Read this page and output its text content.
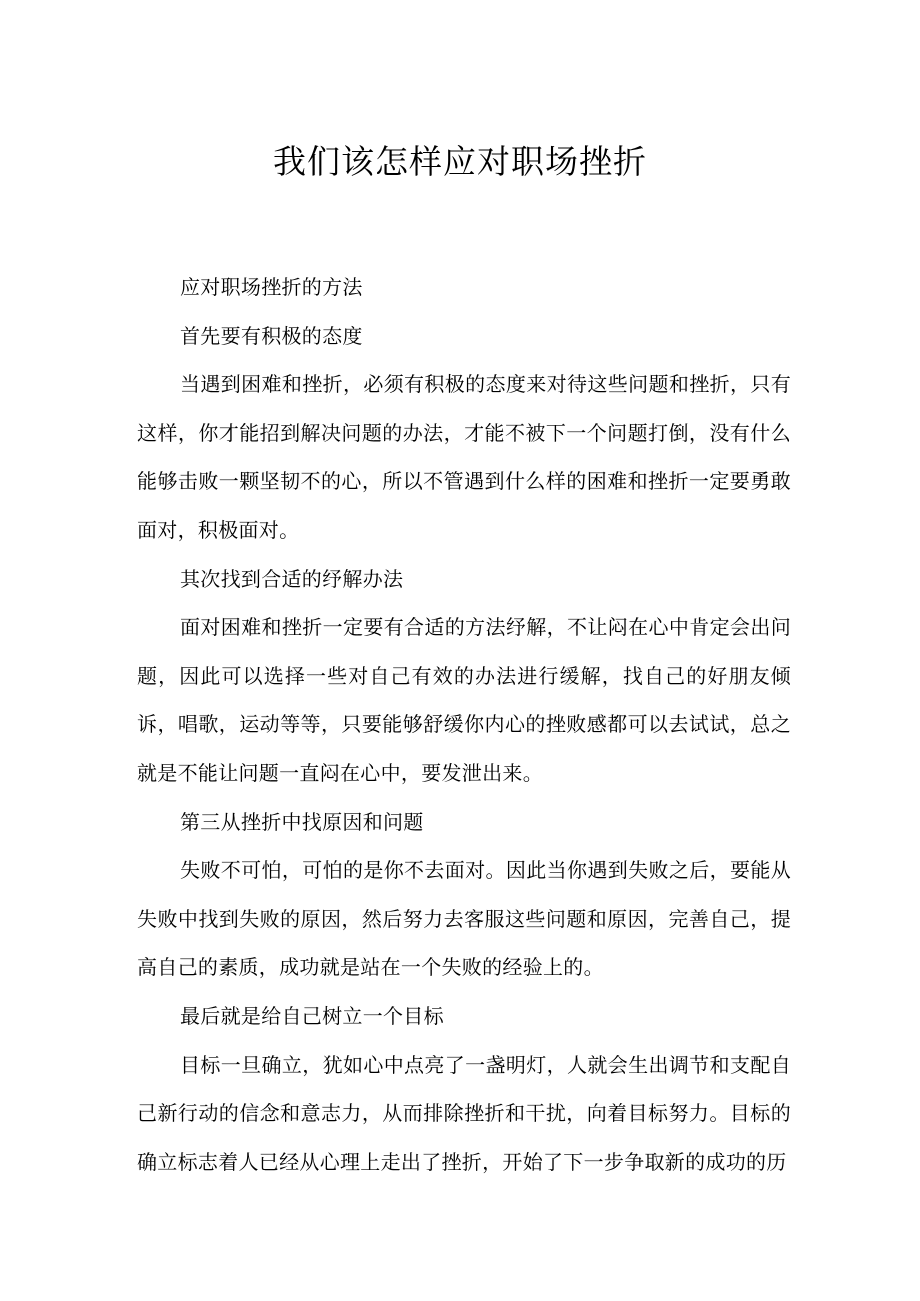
我们该怎样应对职场挫折

应对职场挫折的方法

首先要有积极的态度

当遇到困难和挫折，必须有积极的态度来对待这些问题和挫折，只有这样，你才能招到解决问题的办法，才能不被下一个问题打倒，没有什么能够击败一颗坚韧不的心，所以不管遇到什么样的困难和挫折一定要勇敢面对，积极面对。

其次找到合适的纾解办法

面对困难和挫折一定要有合适的方法纾解，不让闷在心中肯定会出问题，因此可以选择一些对自己有效的办法进行缓解，找自己的好朋友倾诉，唱歌，运动等等，只要能够舒缓你内心的挫败感都可以去试试，总之就是不能让问题一直闷在心中，要发泄出来。

第三从挫折中找原因和问题

失败不可怕，可怕的是你不去面对。因此当你遇到失败之后，要能从失败中找到失败的原因，然后努力去客服这些问题和原因，完善自己，提高自己的素质，成功就是站在一个失败的经验上的。

最后就是给自己树立一个目标

目标一旦确立，犹如心中点亮了一盏明灯，人就会生出调节和支配自己新行动的信念和意志力，从而排除挫折和干扰，向着目标努力。目标的确立标志着人已经从心理上走出了挫折，开始了下一步争取新的成功的历
